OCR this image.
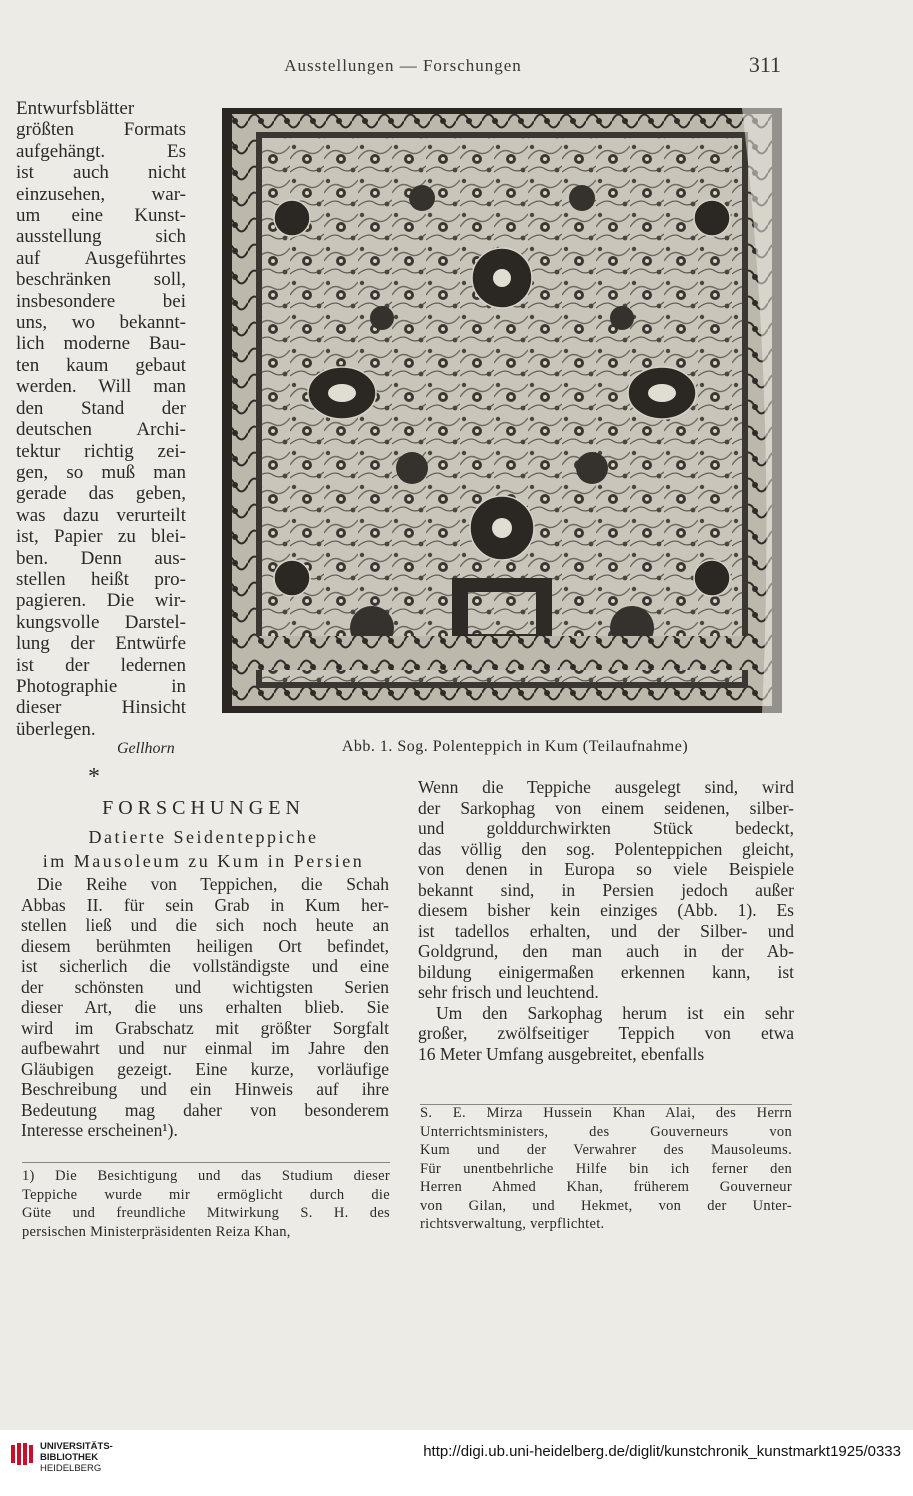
Ausstellungen — Forschungen	311
Entwurfsblätter
größten Formats
aufgehängt. Es
ist auch nicht
einzusehen, war-
um eine Kunst-
ausstellung sich
auf Ausgeführtes
beschränken soll,
insbesondere bei
uns, wo bekannt-
lich moderne Bau-
ten kaum gebaut
werden. Will man
den Stand der
deutschen Archi-
tektur richtig zei-
gen, so muß man
gerade das geben,
was dazu verurteilt
ist, Papier zu blei-
ben. Denn aus-
stellen heißt pro-
pagieren. Die wir-
kungsvolle Darstel-
lung der Entwürfe
ist der ledernen
Photographie in
dieser Hinsicht
überlegen.
Gellhorn
*
Abb. 1. Sog. Polenteppich in Kum (Teilaufnahme)
FORSCHUNGEN
Datierte Seidenteppiche
im Mausoleum zu Kum in Persien
Die Reihe von Teppichen, die Schah
Abbas II. für sein Grab in Kum her-
stellen ließ und die sich noch heute an
diesem berühmten heiligen Ort befindet,
ist sicherlich die vollständigste und eine
der schönsten und wichtigsten Serien
dieser Art, die uns erhalten blieb. Sie
wird im Grabschatz mit größter Sorgfalt
aufbewahrt und nur einmal im Jahre den
Gläubigen gezeigt. Eine kurze, vorläufige
Beschreibung und ein Hinweis auf ihre
Bedeutung mag daher von besonderem
Interesse erscheinen¹).
Wenn die Teppiche ausgelegt sind, wird
der Sarkophag von einem seidenen, silber-
und golddurchwirkten Stück bedeckt,
das völlig den sog. Polenteppichen gleicht,
von denen in Europa so viele Beispiele
bekannt sind, in Persien jedoch außer
diesem bisher kein einziges (Abb. 1). Es
ist tadellos erhalten, und der Silber- und
Goldgrund, den man auch in der Ab-
bildung einigermaßen erkennen kann, ist
sehr frisch und leuchtend.
Um den Sarkophag herum ist ein sehr
großer, zwölfseitiger Teppich von etwa
16 Meter Umfang ausgebreitet, ebenfalls
1) Die Besichtigung und das Studium dieser
Teppiche wurde mir ermöglicht durch die
Güte und freundliche Mitwirkung S. H. des
persischen Ministerpräsidenten Reiza Khan,
S. E. Mirza Hussein Khan Alai, des Herrn
Unterrichtsministers, des Gouverneurs von
Kum und der Verwahrer des Mausoleums.
Für unentbehrliche Hilfe bin ich ferner den
Herren Ahmed Khan, früherem Gouverneur
von Gilan, und Hekmet, von der Unter-
richtsverwaltung, verpflichtet.
UNIVERSITÄTS-
BIBLIOTHEK
HEIDELBERG
http://digi.ub.uni-heidelberg.de/diglit/kunstchronik_kunstmarkt1925/0333
